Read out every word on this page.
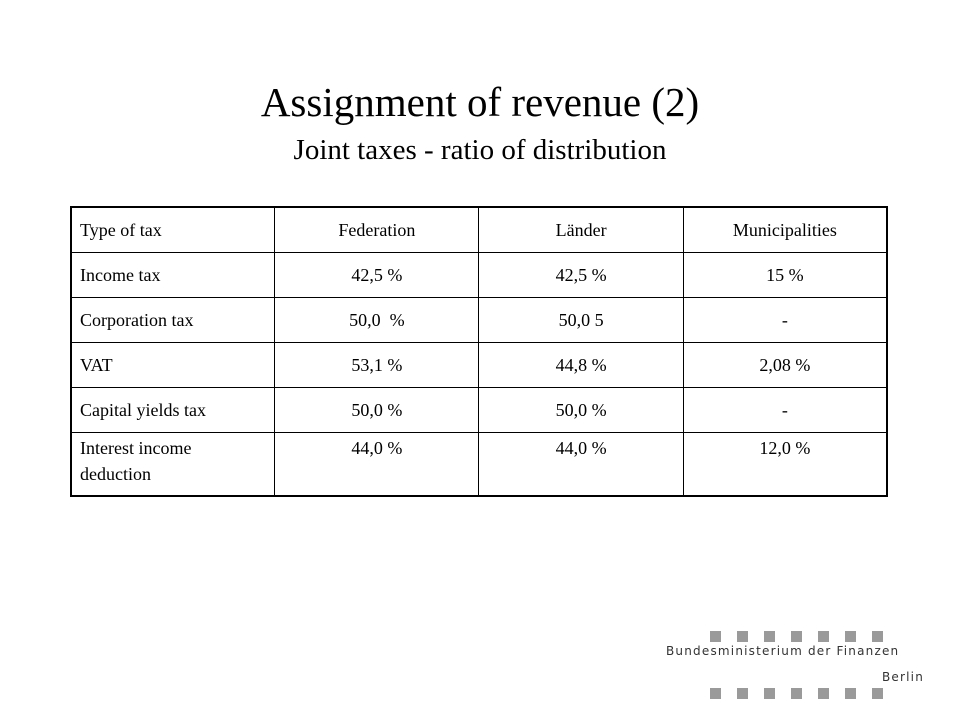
Assignment of revenue (2)
Joint taxes - ratio of distribution
Type of tax	Federation	Länder	Municipalities
Income tax	42,5 %	42,5 %	15 %
Corporation tax	50,0  %	50,0 5	-
VAT	53,1 %	44,8 %	2,08 %
Capital yields tax	50,0 %	50,0 %	-
Interest income deduction	44,0 %	44,0 %	12,0 %
Bundesministerium der Finanzen
Berlin
